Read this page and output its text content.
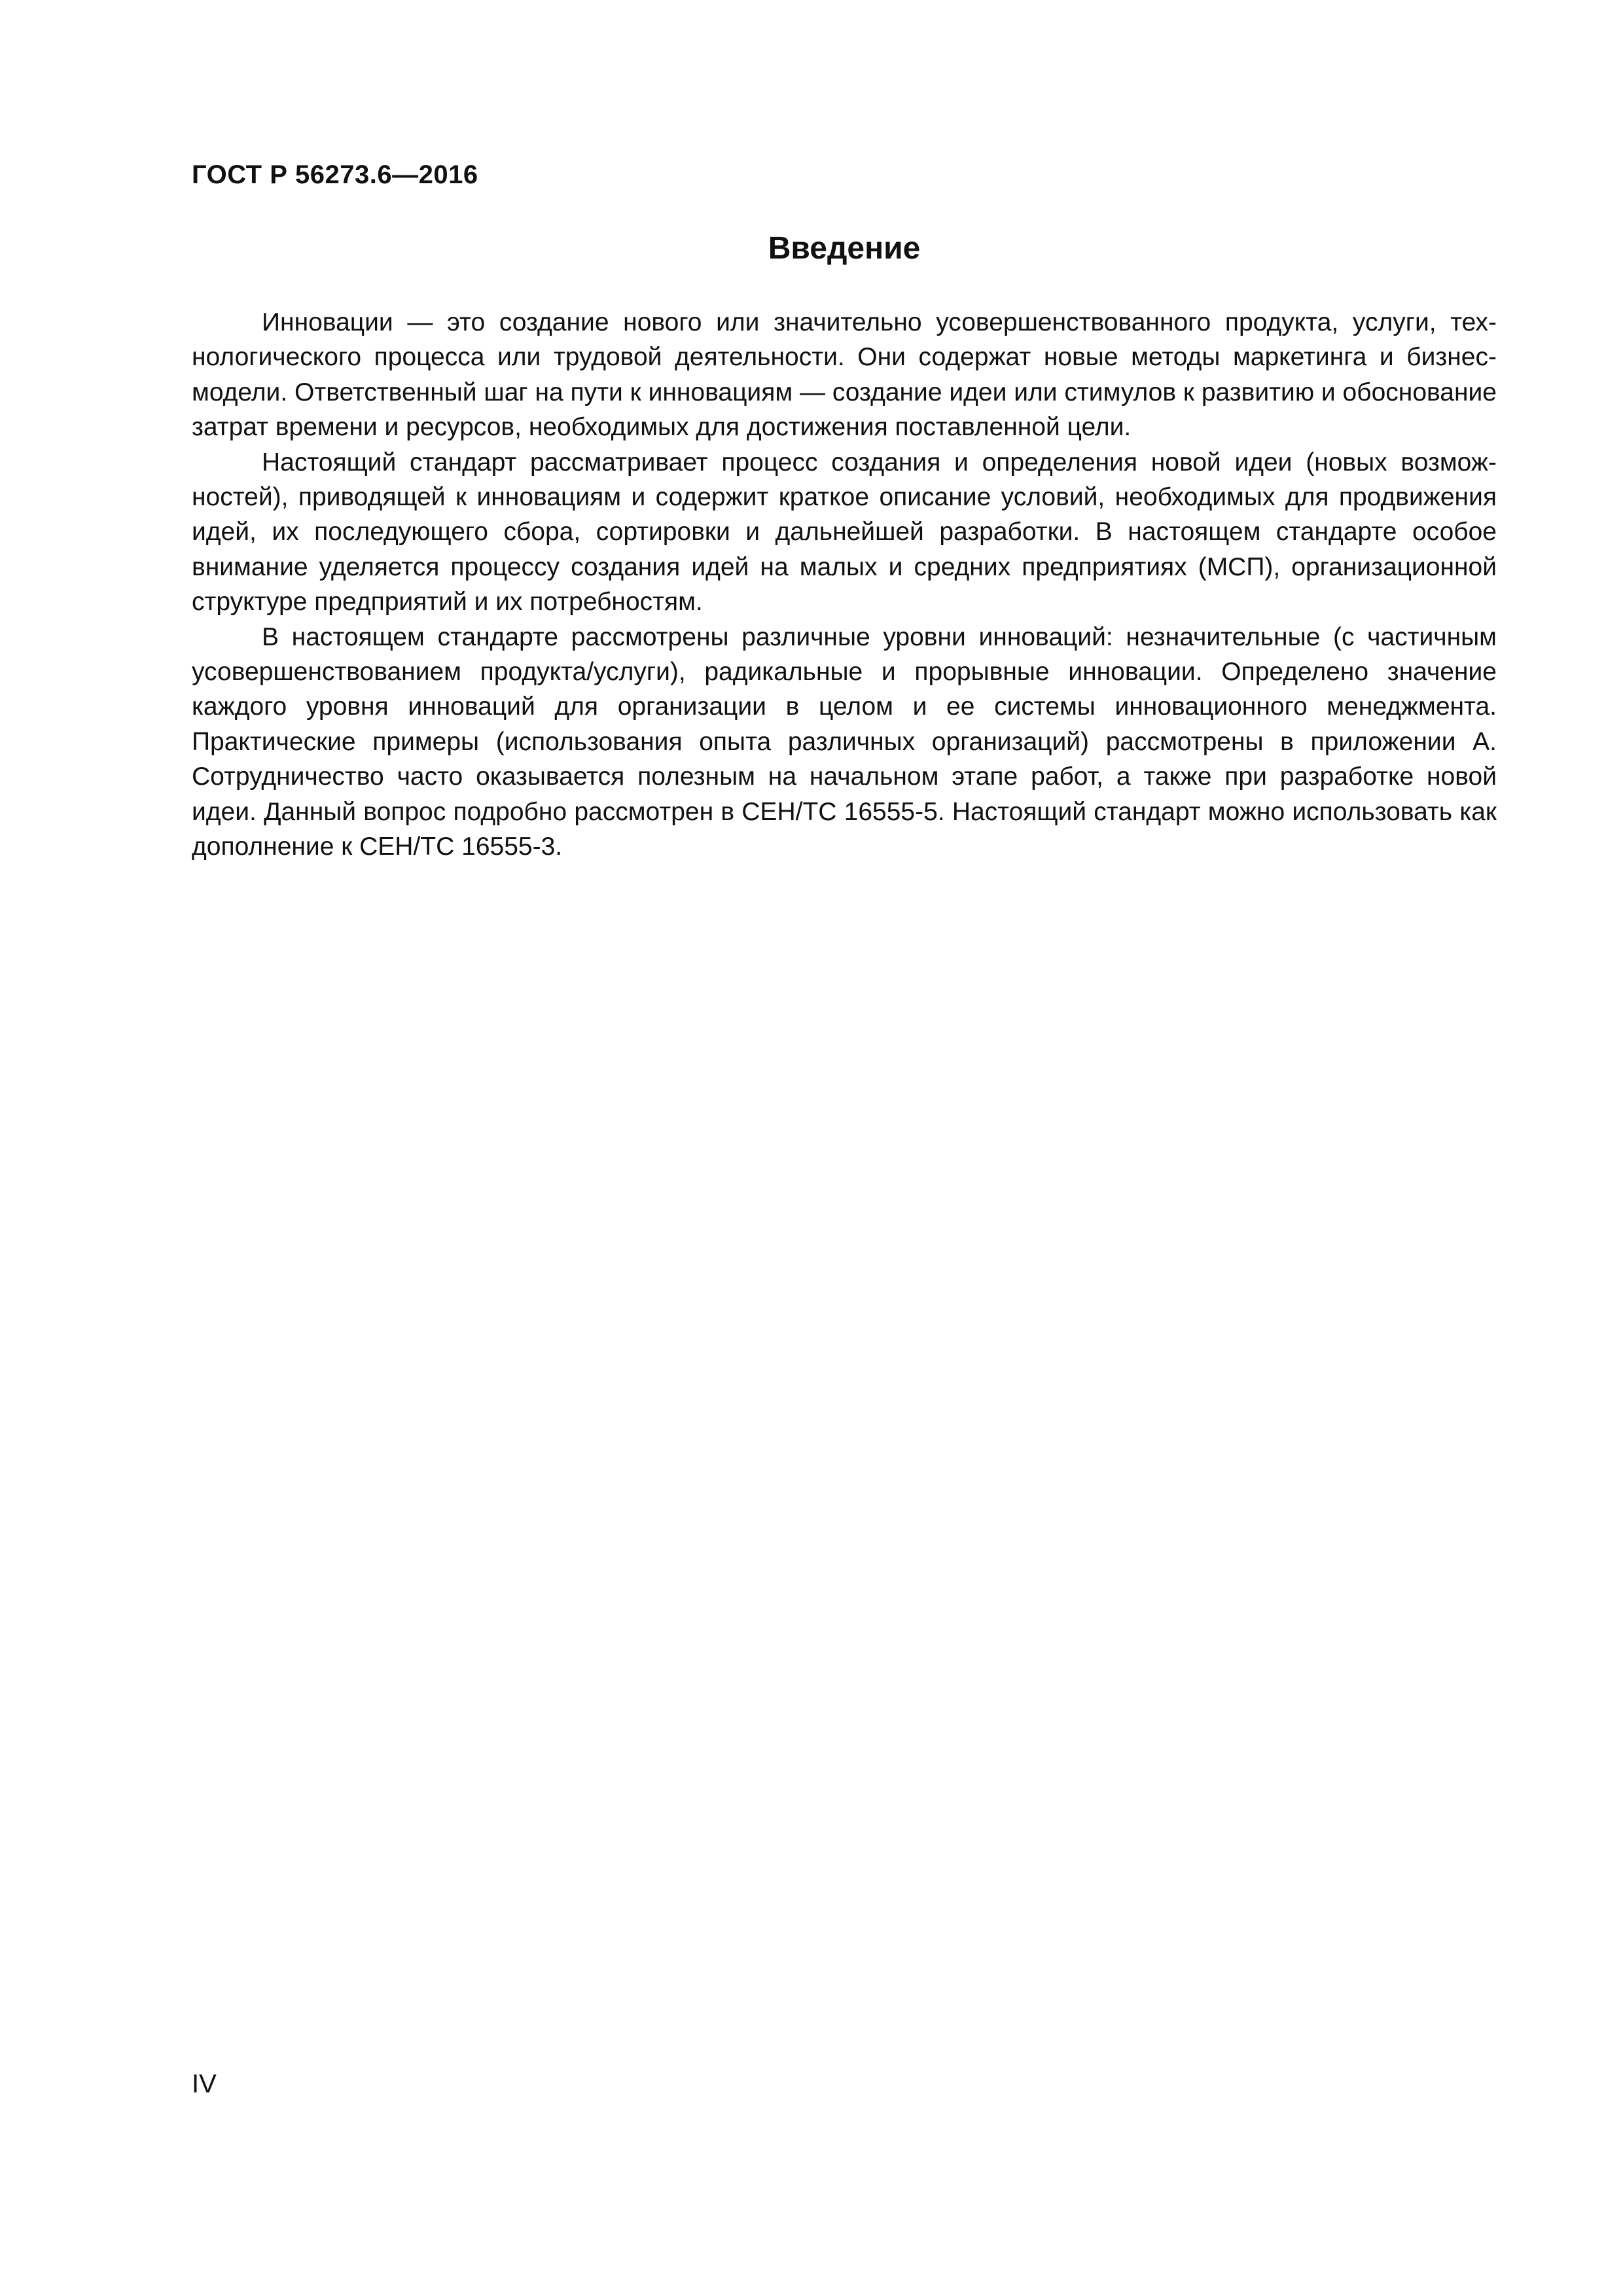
ГОСТ Р 56273.6—2016
Введение

Инновации — это создание нового или значительно усовершенствованного продукта, услуги, технологического процесса или трудовой деятельности. Они содержат новые методы маркетинга и бизнес-модели. Ответственный шаг на пути к инновациям — создание идеи или стимулов к развитию и обоснование затрат времени и ресурсов, необходимых для достижения поставленной цели.

Настоящий стандарт рассматривает процесс создания и определения новой идеи (новых возможностей), приводящей к инновациям и содержит краткое описание условий, необходимых для продвижения идей, их последующего сбора, сортировки и дальнейшей разработки. В настоящем стандарте особое внимание уделяется процессу создания идей на малых и средних предприятиях (МСП), организационной структуре предприятий и их потребностям.

В настоящем стандарте рассмотрены различные уровни инноваций: незначительные (с частичным усовершенствованием продукта/услуги), радикальные и прорывные инновации. Определено значение каждого уровня инноваций для организации в целом и ее системы инновационного менеджмента. Практические примеры (использования опыта различных организаций) рассмотрены в приложении А. Сотрудничество часто оказывается полезным на начальном этапе работ, а также при разработке новой идеи. Данный вопрос подробно рассмотрен в СЕН/ТС 16555-5. Настоящий стандарт можно использовать как дополнение к СЕН/ТС 16555-3.

IV
